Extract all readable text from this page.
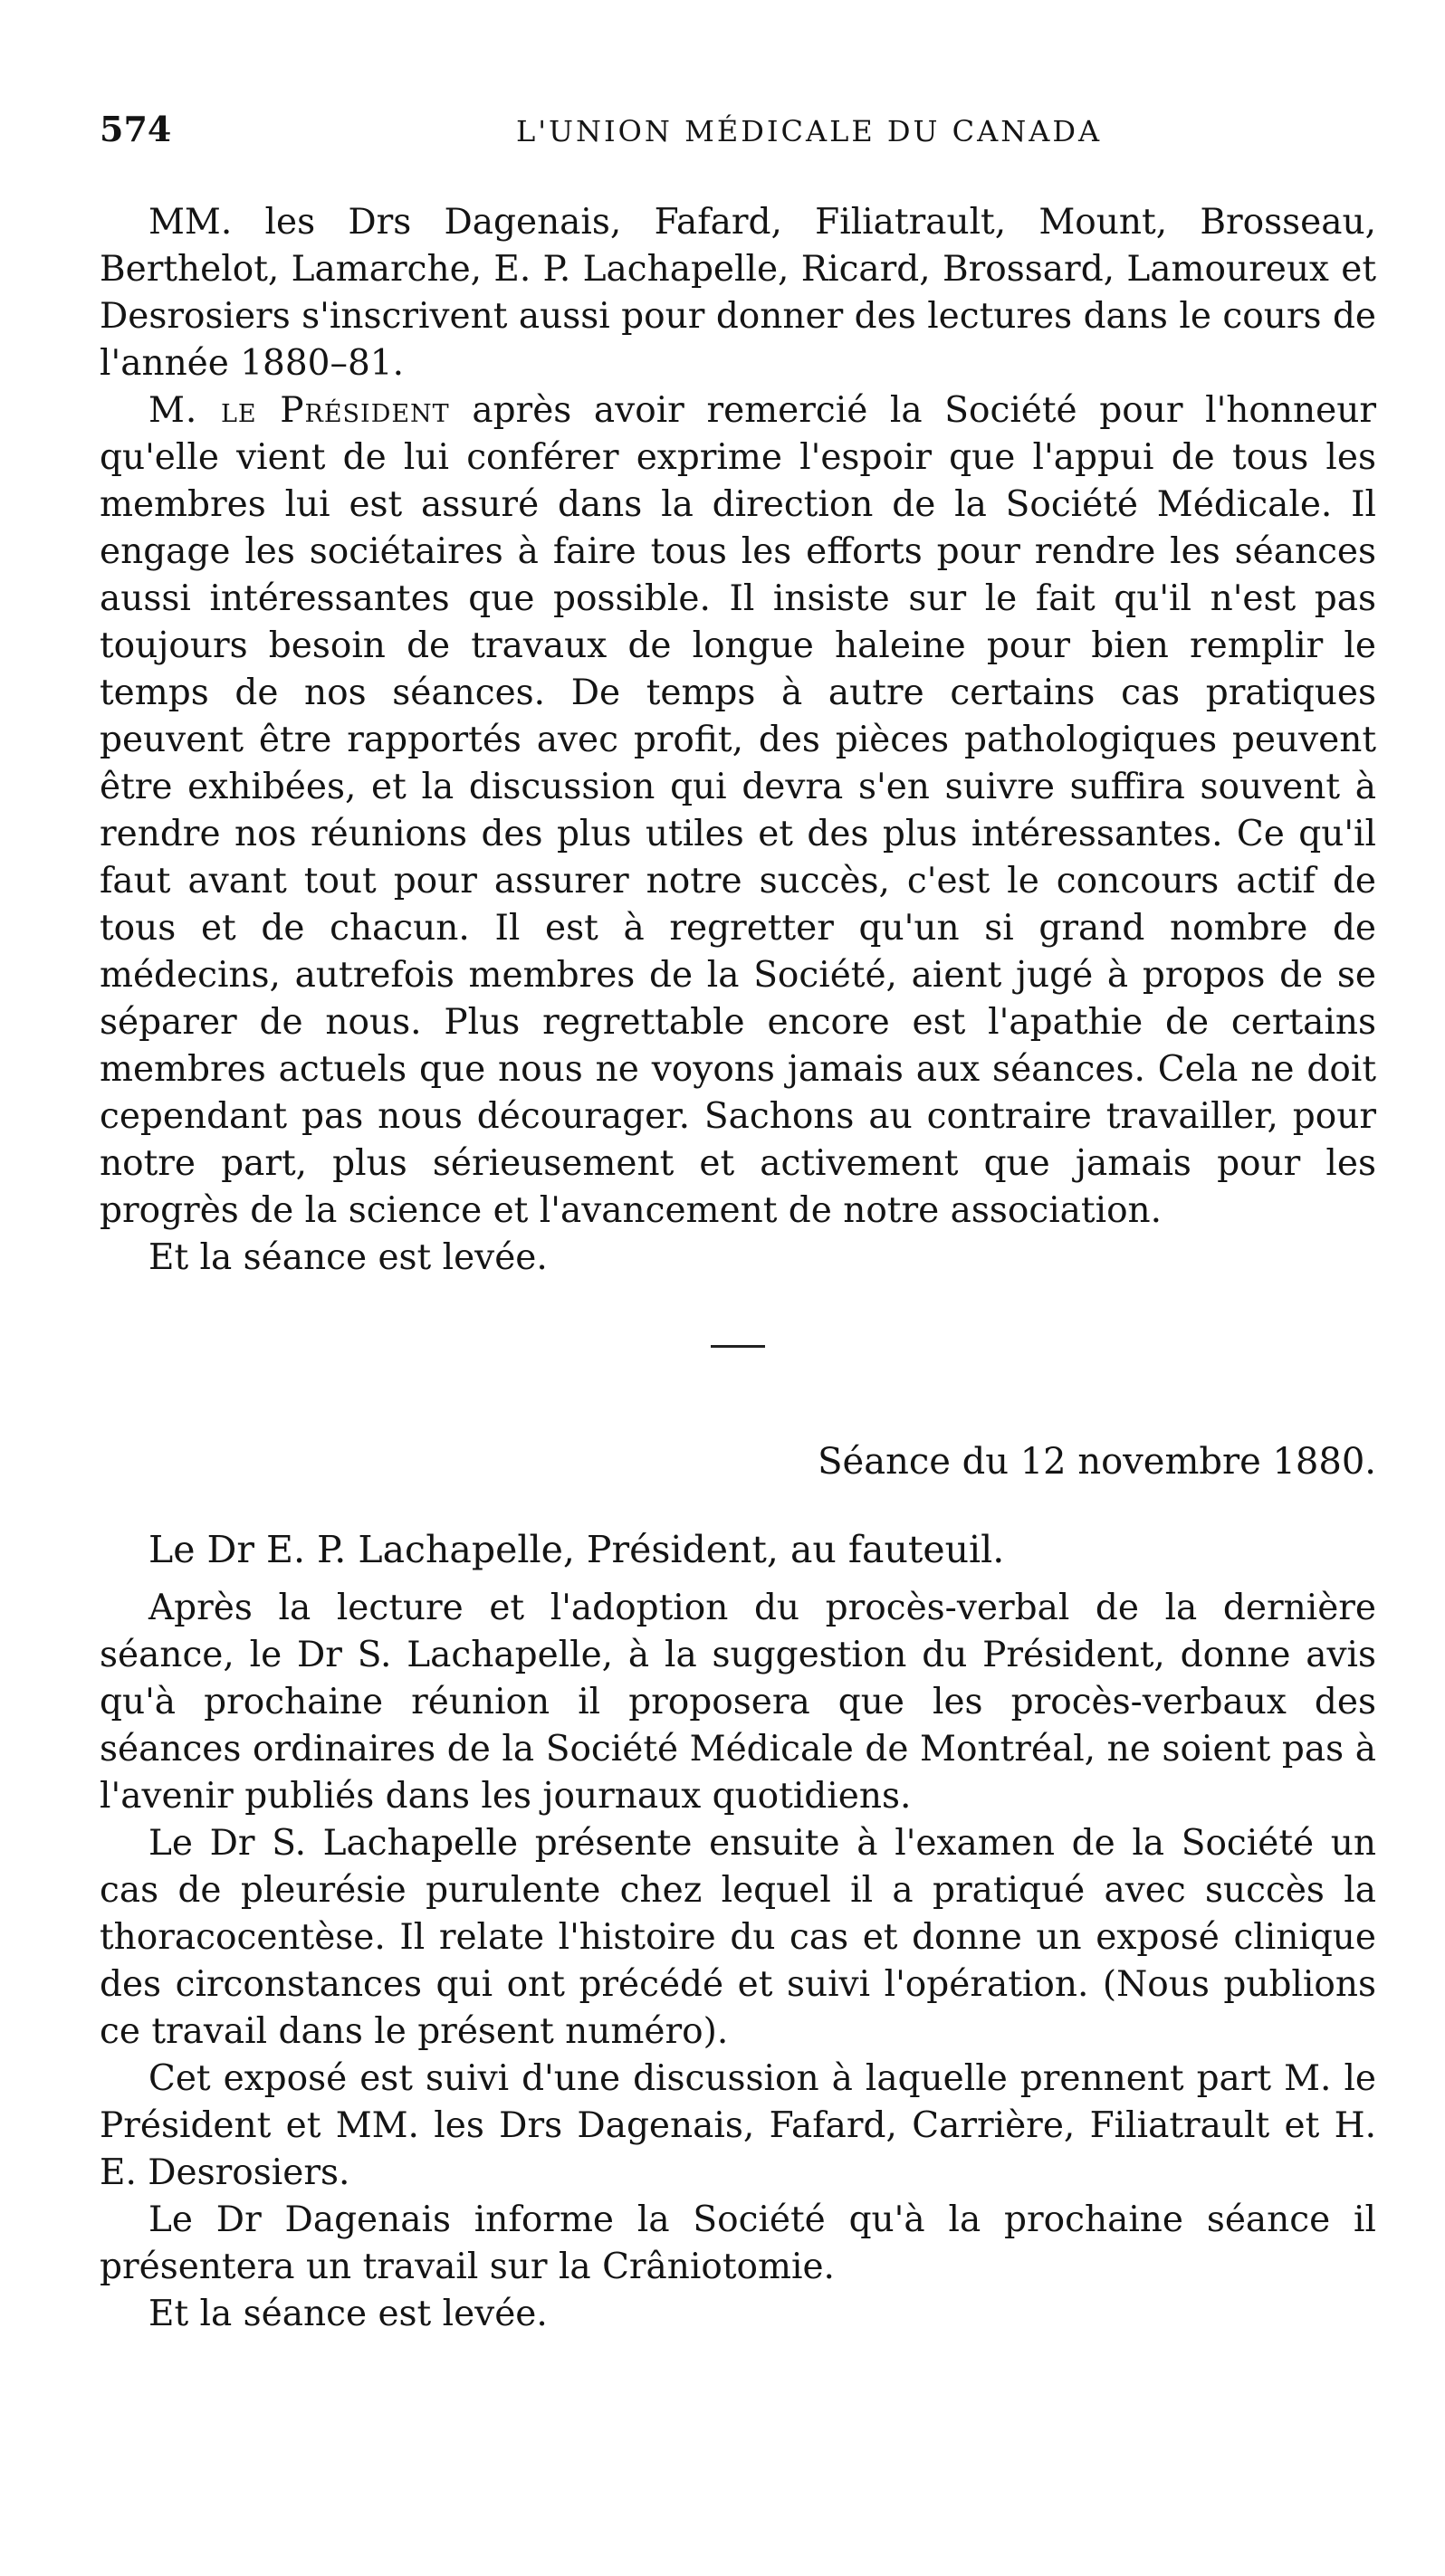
574	L'UNION MÉDICALE DU CANADA

MM. les Drs Dagenais, Fafard, Filiatrault, Mount, Brosseau, Berthelot, Lamarche, E. P. Lachapelle, Ricard, Brossard, Lamoureux et Desrosiers s'inscrivent aussi pour donner des lectures dans le cours de l'année 1880–81.

M. le Président après avoir remercié la Société pour l'honneur qu'elle vient de lui conférer exprime l'espoir que l'appui de tous les membres lui est assuré dans la direction de la Société Médicale. Il engage les sociétaires à faire tous les efforts pour rendre les séances aussi intéressantes que possible. Il insiste sur le fait qu'il n'est pas toujours besoin de travaux de longue haleine pour bien remplir le temps de nos séances. De temps à autre certains cas pratiques peuvent être rapportés avec profit, des pièces pathologiques peuvent être exhibées, et la discussion qui devra s'en suivre suffira souvent à rendre nos réunions des plus utiles et des plus intéressantes. Ce qu'il faut avant tout pour assurer notre succès, c'est le concours actif de tous et de chacun. Il est à regretter qu'un si grand nombre de médecins, autrefois membres de la Société, aient jugé à propos de se séparer de nous. Plus regrettable encore est l'apathie de certains membres actuels que nous ne voyons jamais aux séances. Cela ne doit cependant pas nous décourager. Sachons au contraire travailler, pour notre part, plus sérieusement et activement que jamais pour les progrès de la science et l'avancement de notre association.

Et la séance est levée.

Séance du 12 novembre 1880.

Le Dr E. P. Lachapelle, Président, au fauteuil.

Après la lecture et l'adoption du procès-verbal de la dernière séance, le Dr S. Lachapelle, à la suggestion du Président, donne avis qu'à prochaine réunion il proposera que les procès-verbaux des séances ordinaires de la Société Médicale de Montréal, ne soient pas à l'avenir publiés dans les journaux quotidiens.

Le Dr S. Lachapelle présente ensuite à l'examen de la Société un cas de pleurésie purulente chez lequel il a pratiqué avec succès la thoracocentèse. Il relate l'histoire du cas et donne un exposé clinique des circonstances qui ont précédé et suivi l'opération. (Nous publions ce travail dans le présent numéro).

Cet exposé est suivi d'une discussion à laquelle prennent part M. le Président et MM. les Drs Dagenais, Fafard, Carrière, Filiatrault et H. E. Desrosiers.

Le Dr Dagenais informe la Société qu'à la prochaine séance il présentera un travail sur la Crâniotomie.

Et la séance est levée.
